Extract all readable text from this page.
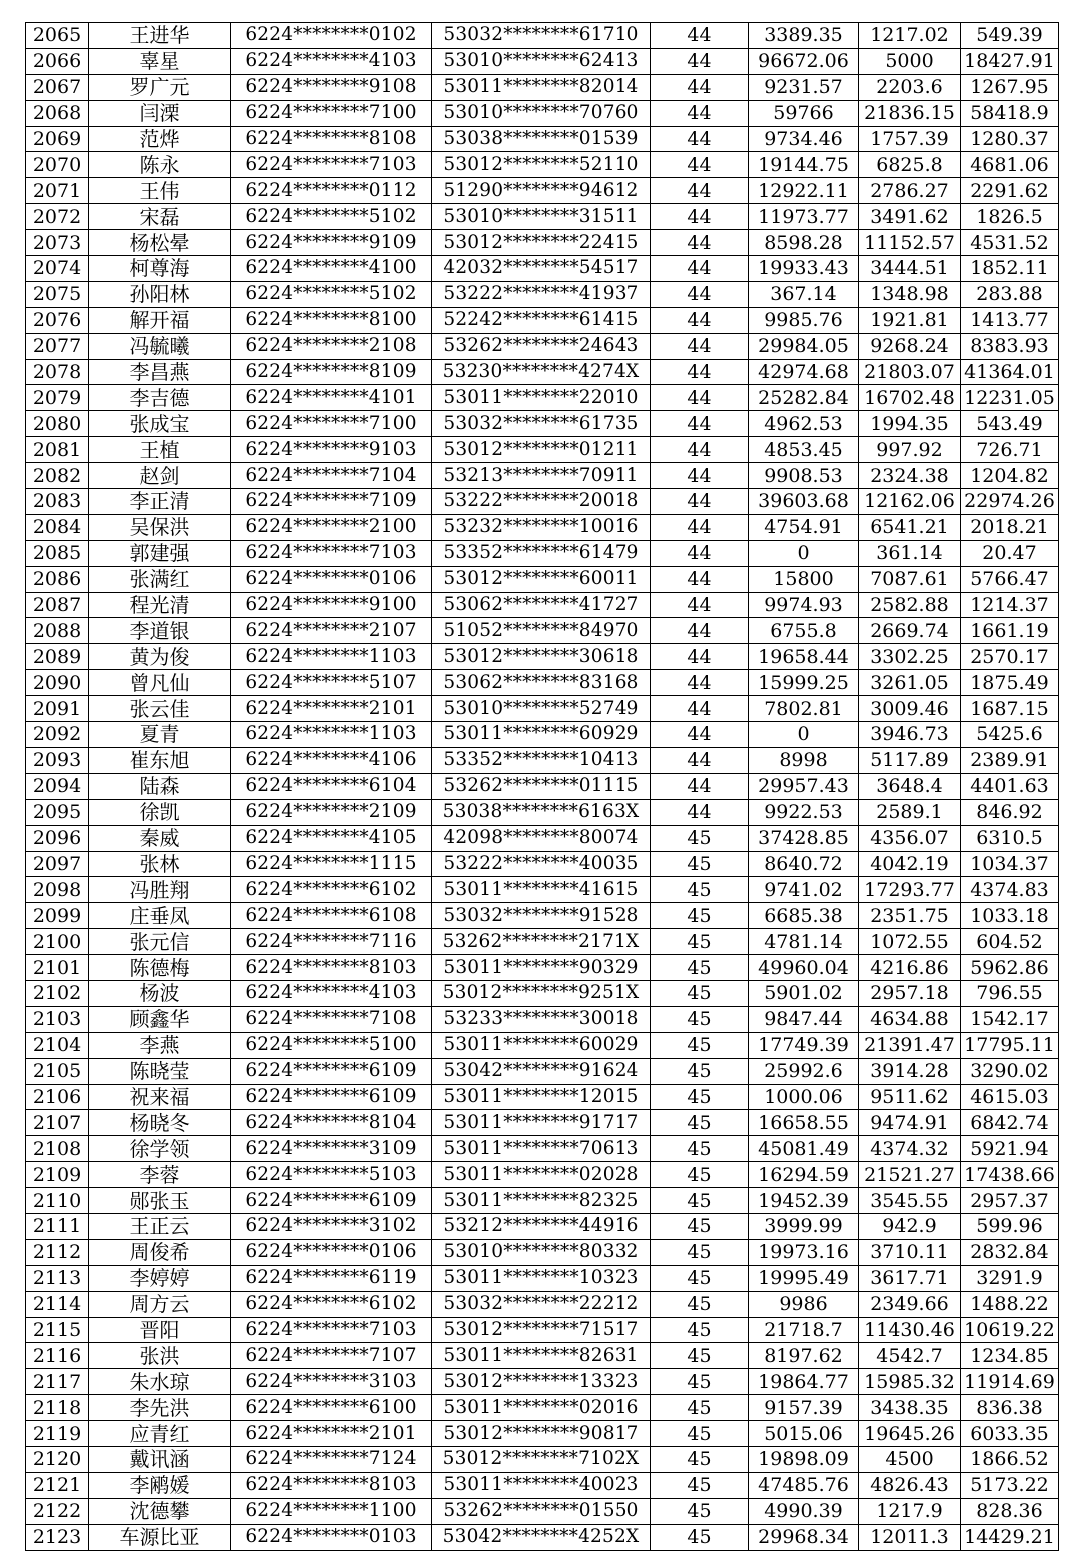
2065	王进华	6224********0102	53032********61710	44	3389.35	1217.02	549.39
2066	辜星	6224********4103	53010********62413	44	96672.06	5000	18427.91
2067	罗广元	6224********9108	53011********82014	44	9231.57	2203.6	1267.95
2068	闫溧	6224********7100	53010********70760	44	59766	21836.15	58418.9
2069	范烨	6224********8108	53038********01539	44	9734.46	1757.39	1280.37
2070	陈永	6224********7103	53012********52110	44	19144.75	6825.8	4681.06
2071	王伟	6224********0112	51290********94612	44	12922.11	2786.27	2291.62
2072	宋磊	6224********5102	53010********31511	44	11973.77	3491.62	1826.5
2073	杨松晕	6224********9109	53012********22415	44	8598.28	11152.57	4531.52
2074	柯尊海	6224********4100	42032********54517	44	19933.43	3444.51	1852.11
2075	孙阳林	6224********5102	53222********41937	44	367.14	1348.98	283.88
2076	解开福	6224********8100	52242********61415	44	9985.76	1921.81	1413.77
2077	冯毓曦	6224********2108	53262********24643	44	29984.05	9268.24	8383.93
2078	李昌燕	6224********8109	53230********4274X	44	42974.68	21803.07	41364.01
2079	李吉德	6224********4101	53011********22010	44	25282.84	16702.48	12231.05
2080	张成宝	6224********7100	53032********61735	44	4962.53	1994.35	543.49
2081	王植	6224********9103	53012********01211	44	4853.45	997.92	726.71
2082	赵剑	6224********7104	53213********70911	44	9908.53	2324.38	1204.82
2083	李正清	6224********7109	53222********20018	44	39603.68	12162.06	22974.26
2084	吴保洪	6224********2100	53232********10016	44	4754.91	6541.21	2018.21
2085	郭建强	6224********7103	53352********61479	44	0	361.14	20.47
2086	张满红	6224********0106	53012********60011	44	15800	7087.61	5766.47
2087	程光清	6224********9100	53062********41727	44	9974.93	2582.88	1214.37
2088	李道银	6224********2107	51052********84970	44	6755.8	2669.74	1661.19
2089	黄为俊	6224********1103	53012********30618	44	19658.44	3302.25	2570.17
2090	曾凡仙	6224********5107	53062********83168	44	15999.25	3261.05	1875.49
2091	张云佳	6224********2101	53010********52749	44	7802.81	3009.46	1687.15
2092	夏青	6224********1103	53011********60929	44	0	3946.73	5425.6
2093	崔东旭	6224********4106	53352********10413	44	8998	5117.89	2389.91
2094	陆森	6224********6104	53262********01115	44	29957.43	3648.4	4401.63
2095	徐凯	6224********2109	53038********6163X	44	9922.53	2589.1	846.92
2096	秦威	6224********4105	42098********80074	45	37428.85	4356.07	6310.5
2097	张林	6224********1115	53222********40035	45	8640.72	4042.19	1034.37
2098	冯胜翔	6224********6102	53011********41615	45	9741.02	17293.77	4374.83
2099	庄垂凤	6224********6108	53032********91528	45	6685.38	2351.75	1033.18
2100	张元信	6224********7116	53262********2171X	45	4781.14	1072.55	604.52
2101	陈德梅	6224********8103	53011********90329	45	49960.04	4216.86	5962.86
2102	杨波	6224********4103	53012********9251X	45	5901.02	2957.18	796.55
2103	顾鑫华	6224********7108	53233********30018	45	9847.44	4634.88	1542.17
2104	李燕	6224********5100	53011********60029	45	17749.39	21391.47	17795.11
2105	陈晓莹	6224********6109	53042********91624	45	25992.6	3914.28	3290.02
2106	祝来福	6224********6109	53011********12015	45	1000.06	9511.62	4615.03
2107	杨晓冬	6224********8104	53011********91717	45	16658.55	9474.91	6842.74
2108	徐学领	6224********3109	53011********70613	45	45081.49	4374.32	5921.94
2109	李蓉	6224********5103	53011********02028	45	16294.59	21521.27	17438.66
2110	郧张玉	6224********6109	53011********82325	45	19452.39	3545.55	2957.37
2111	王正云	6224********3102	53212********44916	45	3999.99	942.9	599.96
2112	周俊希	6224********0106	53010********80332	45	19973.16	3710.11	2832.84
2113	李婷婷	6224********6119	53011********10323	45	19995.49	3617.71	3291.9
2114	周方云	6224********6102	53032********22212	45	9986	2349.66	1488.22
2115	晋阳	6224********7103	53012********71517	45	21718.7	11430.46	10619.22
2116	张洪	6224********7107	53011********82631	45	8197.62	4542.7	1234.85
2117	朱水琼	6224********3103	53012********13323	45	19864.77	15985.32	11914.69
2118	李先洪	6224********6100	53011********02016	45	9157.39	3438.35	836.38
2119	应青红	6224********2101	53012********90817	45	5015.06	19645.26	6033.35
2120	戴讯涵	6224********7124	53012********7102X	45	19898.09	4500	1866.52
2121	李鹇媛	6224********8103	53011********40023	45	47485.76	4826.43	5173.22
2122	沈德攀	6224********1100	53262********01550	45	4990.39	1217.9	828.36
2123	车源比亚	6224********0103	53042********4252X	45	29968.34	12011.3	14429.21
